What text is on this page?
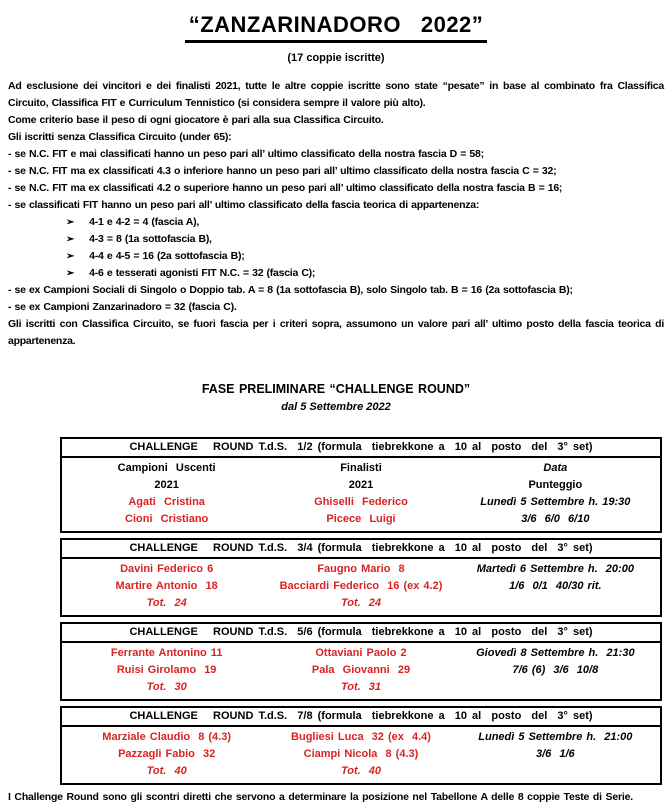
“ZANZARINADORO   2022”
(17 coppie iscritte)
Ad esclusione dei vincitori e dei finalisti 2021, tutte le altre coppie iscritte sono state “pesate” in base al combinato fra Classifica Circuito, Classifica FIT e Curriculum Tennistico (si considera sempre il valore più alto).
Come criterio base il peso di ogni giocatore è pari alla sua Classifica Circuito.
Gli iscritti senza Classifica Circuito (under 65):
- se N.C. FIT e mai classificati hanno un peso pari all’ ultimo classificato della nostra fascia D = 58;
- se N.C. FIT ma ex classificati 4.3 o inferiore hanno un peso pari all’ ultimo classificato della nostra fascia C = 32;
- se N.C. FIT ma ex classificati 4.2 o superiore hanno un peso pari all’ ultimo classificato della nostra fascia B = 16;
- se classificati FIT hanno un peso pari all’ ultimo classificato della fascia teorica di appartenenza:
➢ 4-1 e 4-2 = 4 (fascia A),
➢ 4-3 = 8 (1a sottofascia B),
➢ 4-4 e 4-5 = 16 (2a sottofascia B);
➢ 4-6 e tesserati agonisti FIT N.C. = 32 (fascia C);
- se ex Campioni Sociali di Singolo o Doppio tab. A = 8 (1a sottofascia B), solo Singolo tab. B = 16 (2a sottofascia B);
- se ex Campioni Zanzarinadoro = 32 (fascia C).
Gli iscritti con Classifica Circuito, se fuori fascia per i criteri sopra, assumono un valore pari all’ ultimo posto della fascia teorica di appartenenza.
FASE PRELIMINARE “CHALLENGE ROUND”
dal 5 Settembre 2022
CHALLENGE   ROUND T.d.S.  1/2 (formula  tiebrekkone a  10 al  posto  del  3° set)
Campioni  Uscenti
2021
Agati  Cristina
Cioni  Cristiano
Finalisti
2021
Ghiselli  Federico
Picece  Luigi
Data
Punteggio
Lunedì 5 Settembre h. 19:30
3/6  6/0  6/10
CHALLENGE   ROUND T.d.S.  3/4 (formula  tiebrekkone a  10 al  posto  del  3° set)
Davini Federico 6
Martire Antonio  18
Tot.  24
Faugno Mario  8
Bacciardi Federico  16 (ex 4.2)
Tot.  24
Martedì 6 Settembre h.  20:00
1/6  0/1  40/30 rit.
CHALLENGE   ROUND T.d.S.  5/6 (formula  tiebrekkone a  10 al  posto  del  3° set)
Ferrante Antonino 11
Ruisi Girolamo  19
Tot.  30
Ottaviani Paolo 2
Pala  Giovanni  29
Tot.  31
Giovedì 8 Settembre h.  21:30
7/6 (6)  3/6  10/8
CHALLENGE   ROUND T.d.S.  7/8 (formula  tiebrekkone a  10 al  posto  del  3° set)
Marziale Claudio  8 (4.3)
Pazzagli Fabio  32
Tot.  40
Bugliesi Luca  32 (ex  4.4)
Ciampi Nicola  8 (4.3)
Tot.  40
Lunedì 5 Settembre h.  21:00
3/6  1/6
I Challenge Round sono gli scontri diretti che servono a determinare la posizione nel Tabellone A delle 8 coppie Teste di Serie.
